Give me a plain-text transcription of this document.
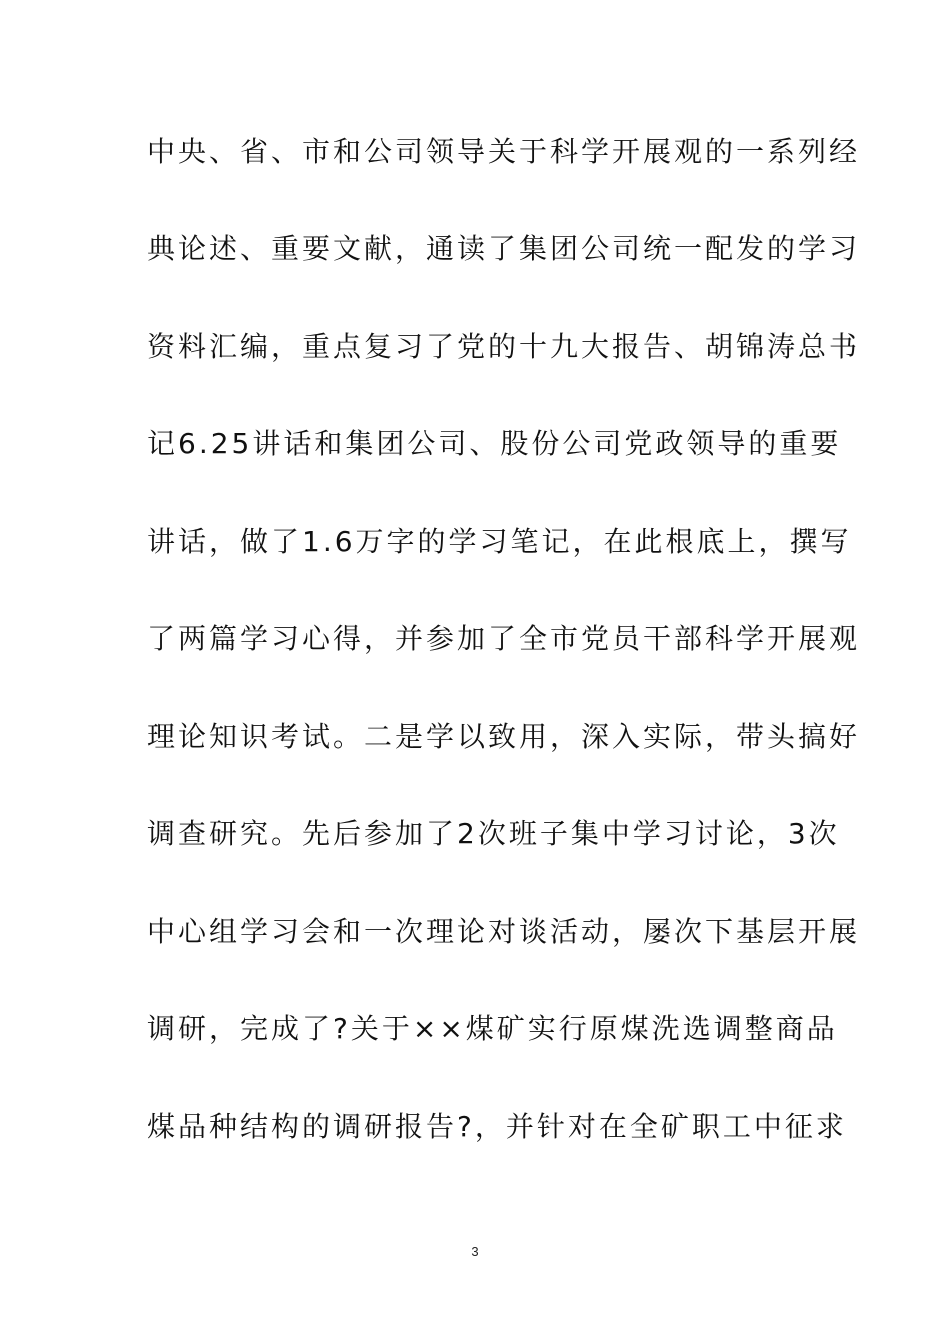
中央、省、市和公司领导关于科学开展观的一系列经
典论述、重要文献，通读了集团公司统一配发的学习
资料汇编，重点复习了党的十九大报告、胡锦涛总书
记6.25讲话和集团公司、股份公司党政领导的重要
讲话，做了1.6万字的学习笔记，在此根底上，撰写
了两篇学习心得，并参加了全市党员干部科学开展观
理论知识考试。二是学以致用，深入实际，带头搞好
调查研究。先后参加了2次班子集中学习讨论，3次
中心组学习会和一次理论对谈活动，屡次下基层开展
调研，完成了?关于××煤矿实行原煤洗选调整商品
煤品种结构的调研报告?，并针对在全矿职工中征求
3
